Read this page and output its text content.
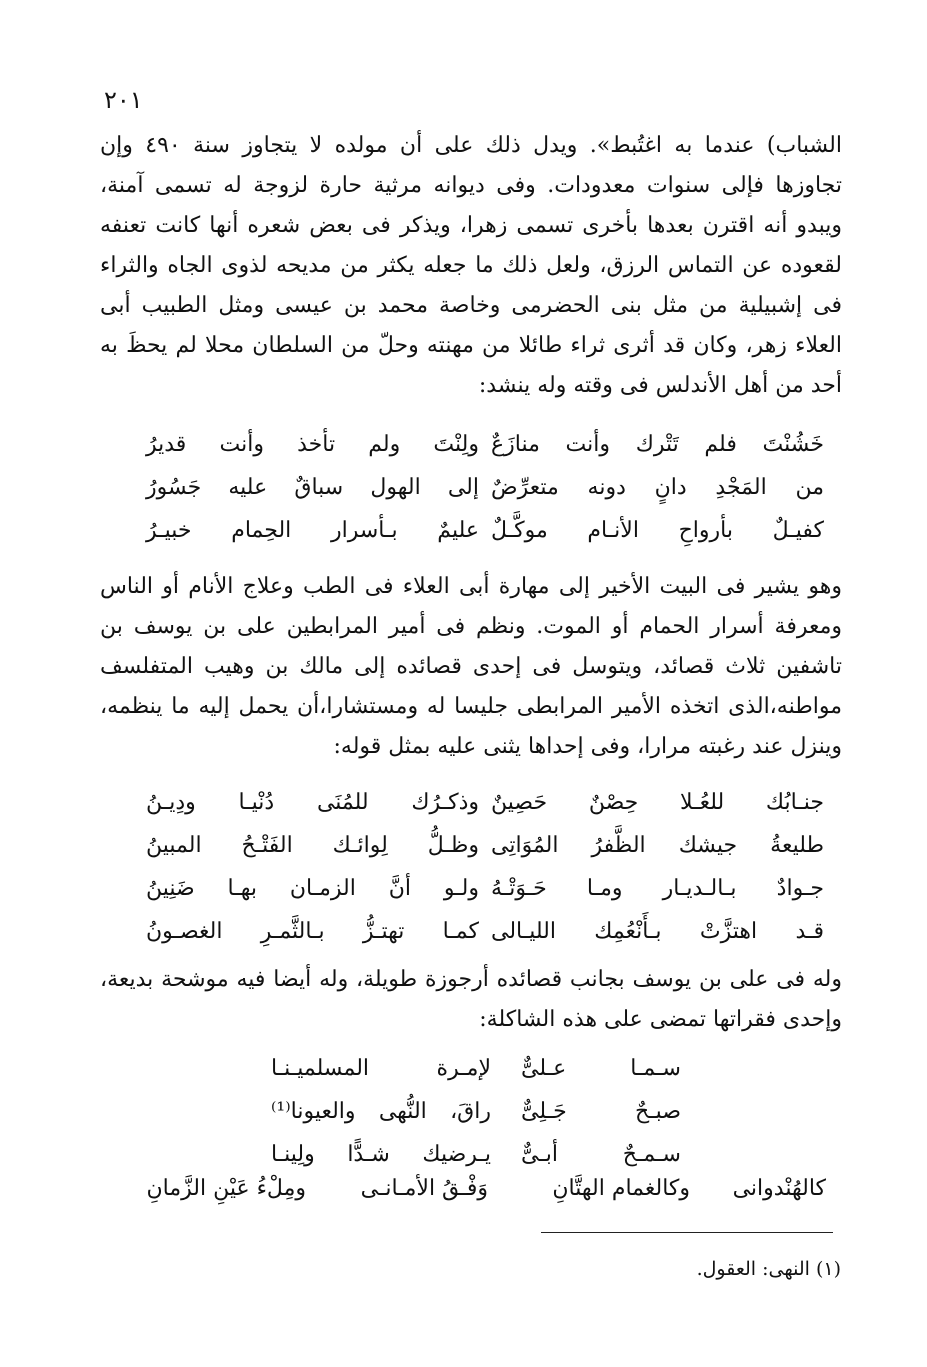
٢٠١
الشباب) عندما به اغتُبط». ويدل ذلك على أن مولده لا يتجاوز سنة ٤٩٠ وإن تجاوزها فإلى سنوات معدودات. وفى ديوانه مرثية حارة لزوجة له تسمى آمنة، ويبدو أنه اقترن بعدها بأخرى تسمى زهرا، ويذكر فى بعض شعره أنها كانت تعنفه لقعوده عن التماس الرزق، ولعل ذلك ما جعله يكثر من مديحه لذوى الجاه والثراء فى إشبيلية من مثل بنى الحضرمى وخاصة محمد بن عيسى ومثل الطبيب أبى العلاء زهر، وكان قد أثرى ثراء طائلا من مهنته وحلّ من السلطان محلا لم يحظَ به أحد من أهل الأندلس فى وقته وله ينشد:
خَشُنْتَ فلم تَتْرك وأنت منازَعٌ
ولِنْتَ ولم تأخذ وأنت قديرُ
من المَجْدِ دانٍ دونه متعرِّضٌ
إلى الهول سباقٌ عليه جَسُورُ
كفيـلٌ بأرواحِ الأنـام موكَّـلٌ
عليمٌ بـأسرار الحِمام خبيـرُ
وهو يشير فى البيت الأخير إلى مهارة أبى العلاء فى الطب وعلاج الأنام أو الناس ومعرفة أسرار الحمام أو الموت. ونظم فى أمير المرابطين على بن يوسف بن تاشفين ثلاث قصائد، ويتوسل فى إحدى قصائده إلى مالك بن وهيب المتفلسف مواطنه،الذى اتخذه الأمير المرابطى جليسا له ومستشارا،أن يحمل إليه ما ينظمه، وينزل عند رغبته مرارا، وفى إحداها يثنى عليه بمثل قوله:
جنـابُك للعُـلا حِصْنٌ حَصِينٌ
وذكـرُك للمُنَى دُنْيـا ودِيـنُ
طليعةُ جيشك الظَّفرُ المُوَاتِى
وظـلُّ لِوائـك الفَتْـحُ المبينُ
جـوادٌ بـالـديـار ومـا حَـوَتْـهُ
ولـو أنَّ الزمـان بهـا ضَنِينُ
قـد اهتزَّتْ بـأَنْعُمِك الليـالى
كمـا تهتـزُّ بـالثَّمـرِ الغصـونُ
وله فى على بن يوسف بجانب قصائده أرجوزة طويلة، وله أيضا فيه موشحة بديعة، وإحدى فقراتها تمضى على هذه الشاكلة:
سـمـا عـلىٌّ
لإمـرة المسلميـنـا
صبـحٌ جَـلِىٌّ
راقَ، النُّهى والعيونا⁽¹⁾
سـمـحٌ أبـىٌّ
يـرضيك شـدًّا ولِينـا
كالهُنْدوانى
وكالغمام الهتَّانِ
وَفْـقُ الأمـانـى
ومِلْءُ عَيْنِ الزَّمانِ
(١) النهى: العقول.
